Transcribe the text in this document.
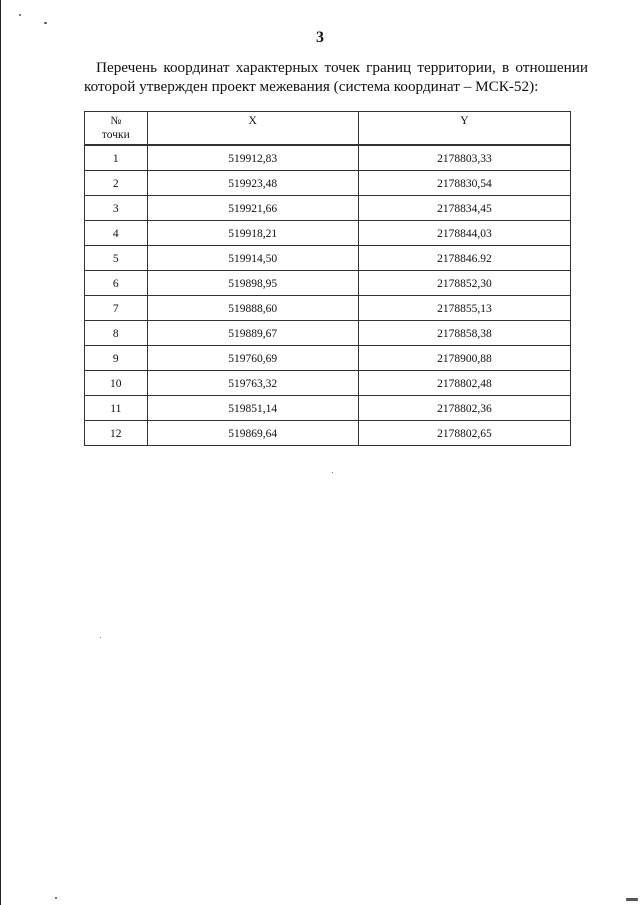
3
Перечень координат характерных точек границ территории, в отношении
которой утвержден проект межевания (система координат – МСК-52):
№
точки	X	Y
1	519912,83	2178803,33
2	519923,48	2178830,54
3	519921,66	2178834,45
4	519918,21	2178844,03
5	519914,50	2178846.92
6	519898,95	2178852,30
7	519888,60	2178855,13
8	519889,67	2178858,38
9	519760,69	2178900,88
10	519763,32	2178802,48
11	519851,14	2178802,36
12	519869,64	2178802,65
